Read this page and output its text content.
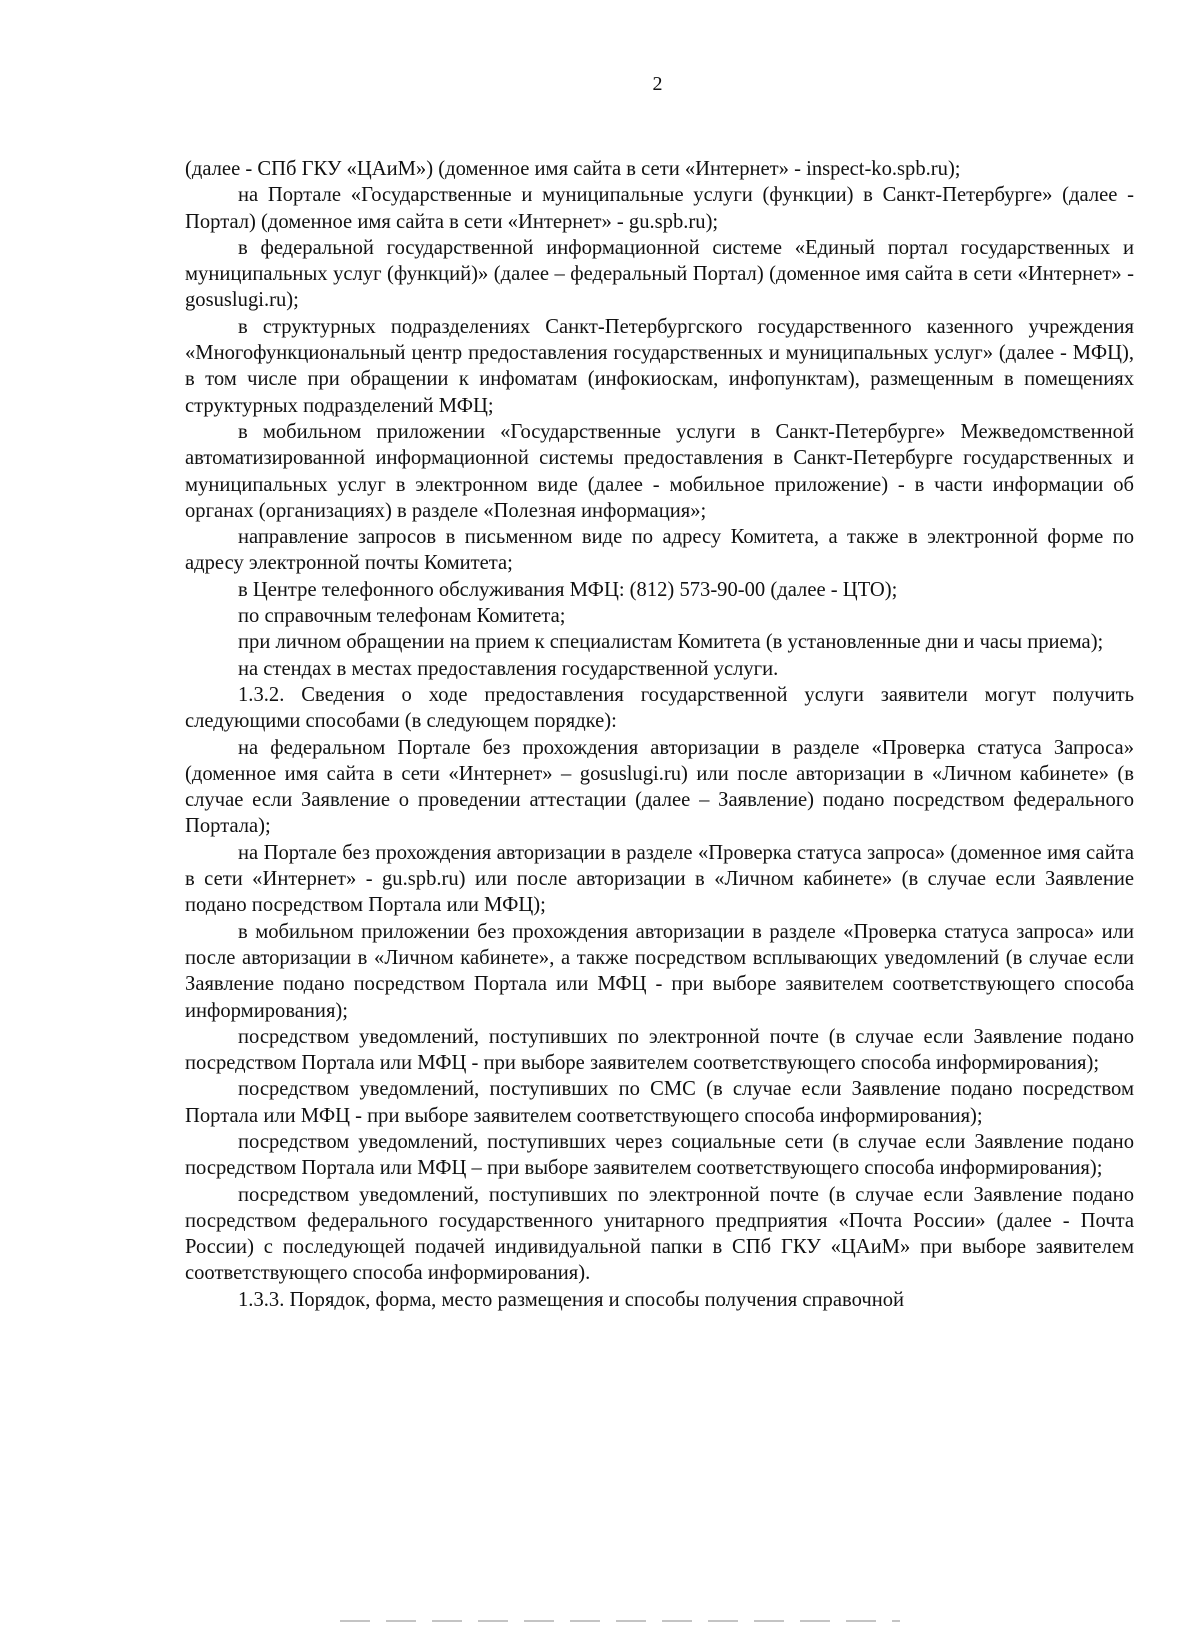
2

(далее - СПб ГКУ «ЦАиМ») (доменное имя сайта в сети «Интернет» - inspect-ko.spb.ru);

на Портале «Государственные и муниципальные услуги (функции) в Санкт-Петербурге» (далее - Портал) (доменное имя сайта в сети «Интернет» - gu.spb.ru);

в федеральной государственной информационной системе «Единый портал государственных и муниципальных услуг (функций)» (далее – федеральный Портал) (доменное имя сайта в сети «Интернет» - gosuslugi.ru);

в структурных подразделениях Санкт-Петербургского государственного казенного учреждения «Многофункциональный центр предоставления государственных и муниципальных услуг» (далее - МФЦ), в том числе при обращении к инфоматам (инфокиоскам, инфопунктам), размещенным в помещениях структурных подразделений МФЦ;

в мобильном приложении «Государственные услуги в Санкт-Петербурге» Межведомственной автоматизированной информационной системы предоставления в Санкт-Петербурге государственных и муниципальных услуг в электронном виде (далее - мобильное приложение) - в части информации об органах (организациях) в разделе «Полезная информация»;

направление запросов в письменном виде по адресу Комитета, а также в электронной форме по адресу электронной почты Комитета;

в Центре телефонного обслуживания МФЦ: (812) 573-90-00 (далее - ЦТО);

по справочным телефонам Комитета;

при личном обращении на прием к специалистам Комитета (в установленные дни и часы приема);

на стендах в местах предоставления государственной услуги.

1.3.2. Сведения о ходе предоставления государственной услуги заявители могут получить следующими способами (в следующем порядке):

на федеральном Портале без прохождения авторизации в разделе «Проверка статуса Запроса» (доменное имя сайта в сети «Интернет» – gosuslugi.ru) или после авторизации в «Личном кабинете» (в случае если Заявление о проведении аттестации (далее – Заявление) подано посредством федерального Портала);

на Портале без прохождения авторизации в разделе «Проверка статуса запроса» (доменное имя сайта в сети «Интернет» - gu.spb.ru) или после авторизации в «Личном кабинете» (в случае если Заявление подано посредством Портала или МФЦ);

в мобильном приложении без прохождения авторизации в разделе «Проверка статуса запроса» или после авторизации в «Личном кабинете», а также посредством всплывающих уведомлений (в случае если Заявление подано посредством Портала или МФЦ - при выборе заявителем соответствующего способа информирования);

посредством уведомлений, поступивших по электронной почте (в случае если Заявление подано посредством Портала или МФЦ - при выборе заявителем соответствующего способа информирования);

посредством уведомлений, поступивших по СМС (в случае если Заявление подано посредством Портала или МФЦ - при выборе заявителем соответствующего способа информирования);

посредством уведомлений, поступивших через социальные сети (в случае если Заявление подано посредством Портала или МФЦ – при выборе заявителем соответствующего способа информирования);

посредством уведомлений, поступивших по электронной почте (в случае если Заявление подано посредством федерального государственного унитарного предприятия «Почта России» (далее - Почта России) с последующей подачей индивидуальной папки в СПб ГКУ «ЦАиМ» при выборе заявителем соответствующего способа информирования).

1.3.3. Порядок, форма, место размещения и способы получения справочной
